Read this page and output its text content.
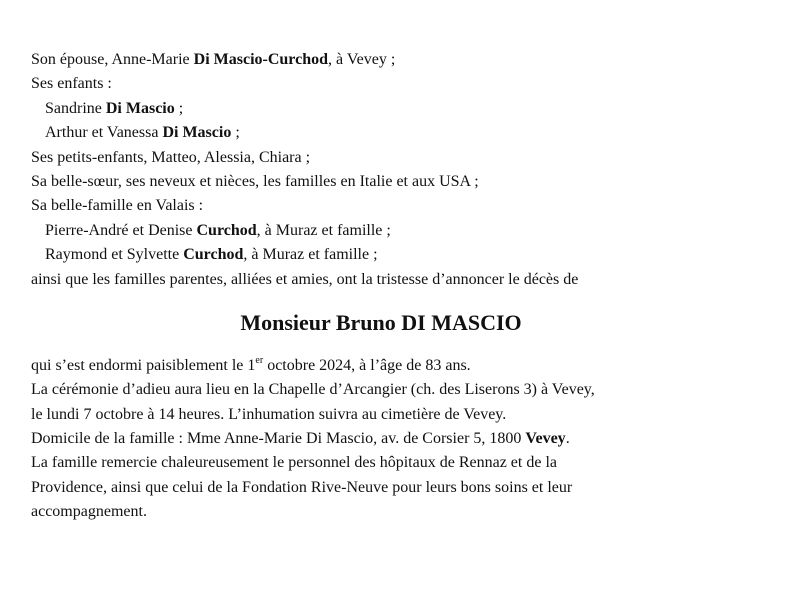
Son épouse, Anne-Marie Di Mascio-Curchod, à Vevey ;
Ses enfants :
Sandrine Di Mascio ;
Arthur et Vanessa Di Mascio ;
Ses petits-enfants, Matteo, Alessia, Chiara ;
Sa belle-sœur, ses neveux et nièces, les familles en Italie et aux USA ;
Sa belle-famille en Valais :
Pierre-André et Denise Curchod, à Muraz et famille ;
Raymond et Sylvette Curchod, à Muraz et famille ;
ainsi que les familles parentes, alliées et amies, ont la tristesse d’annoncer le décès de
Monsieur Bruno DI MASCIO
qui s’est endormi paisiblement le 1er octobre 2024, à l’âge de 83 ans.
La cérémonie d’adieu aura lieu en la Chapelle d’Arcangier (ch. des Liserons 3) à Vevey,
le lundi 7 octobre à 14 heures. L’inhumation suivra au cimetière de Vevey.
Domicile de la famille : Mme Anne-Marie Di Mascio, av. de Corsier 5, 1800 Vevey.
La famille remercie chaleureusement le personnel des hôpitaux de Rennaz et de la
Providence, ainsi que celui de la Fondation Rive-Neuve pour leurs bons soins et leur
accompagnement.
